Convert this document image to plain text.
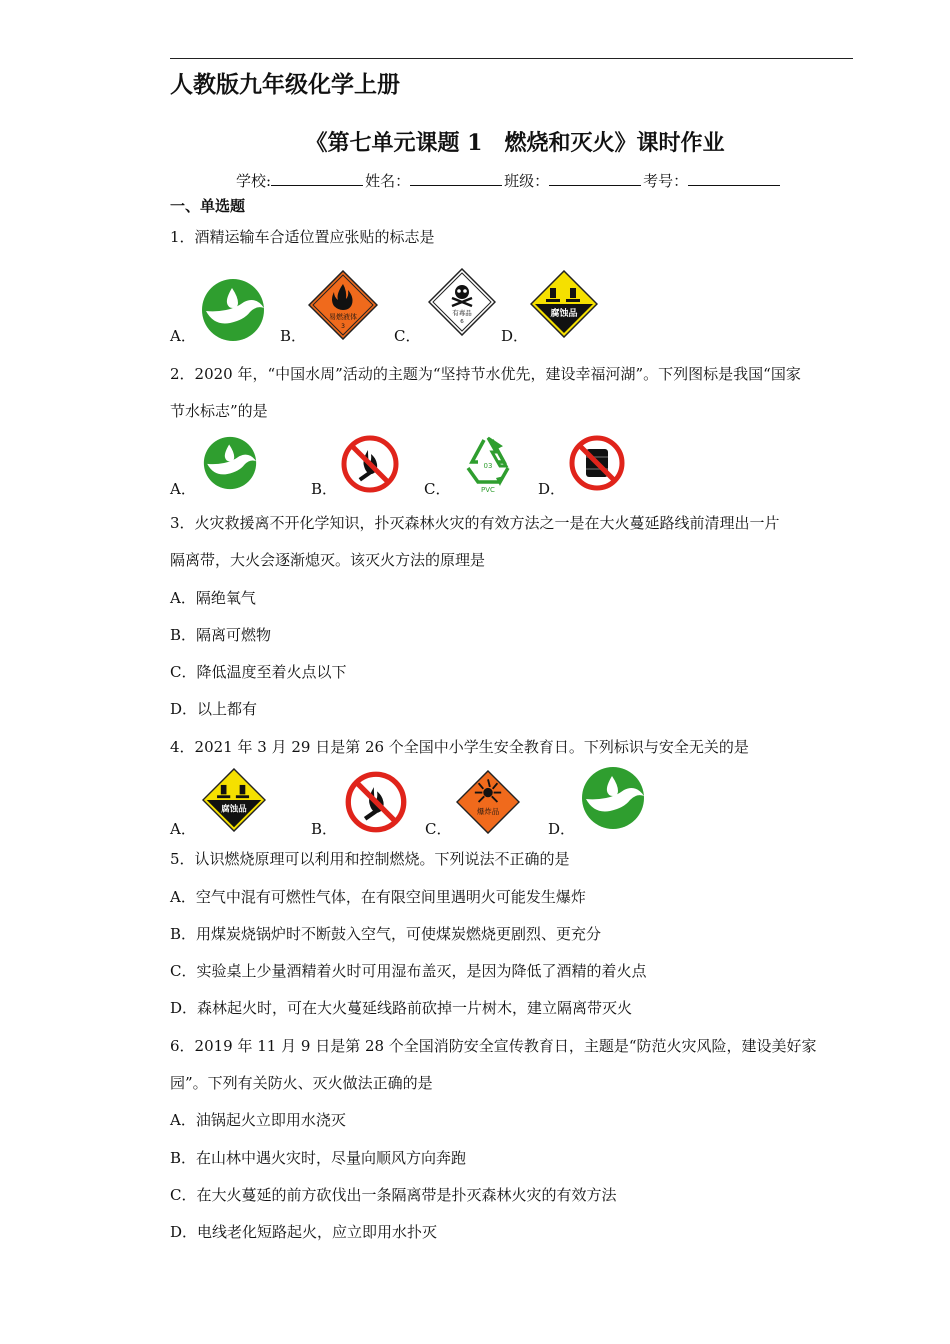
人教版九年级化学上册
《第七单元课题 1　燃烧和灭火》课时作业
学校:	姓名：	班级：	考号：
一、单选题
1．酒精运输车合适位置应张贴的标志是
A．	B．
易燃液体
3
C．
有毒品
6
D．
腐蚀品
2．2020 年，“中国水周”活动的主题为“坚持节水优先，建设幸福河湖”。下列图标是我国“国家
节水标志”的是
A．	B．	C．
03
PVC	D．
3．火灾救援离不开化学知识，扑灭森林火灾的有效方法之一是在大火蔓延路线前清理出一片
隔离带，大火会逐渐熄灭。该灭火方法的原理是
A．隔绝氧气
B．隔离可燃物
C．降低温度至着火点以下
D．以上都有
4．2021 年 3 月 29 日是第 26 个全国中小学生安全教育日。下列标识与安全无关的是
A．
腐蚀品
B．	C．
爆炸品
D．
5．认识燃烧原理可以利用和控制燃烧。下列说法不正确的是
A．空气中混有可燃性气体，在有限空间里遇明火可能发生爆炸
B．用煤炭烧锅炉时不断鼓入空气，可使煤炭燃烧更剧烈、更充分
C．实验桌上少量酒精着火时可用湿布盖灭，是因为降低了酒精的着火点
D．森林起火时，可在大火蔓延线路前砍掉一片树木，建立隔离带灭火
6．2019 年 11 月 9 日是第 28 个全国消防安全宣传教育日，主题是“防范火灾风险，建设美好家
园”。下列有关防火、灭火做法正确的是
A．油锅起火立即用水浇灭
B．在山林中遇火灾时，尽量向顺风方向奔跑
C．在大火蔓延的前方砍伐出一条隔离带是扑灭森林火灾的有效方法
D．电线老化短路起火，应立即用水扑灭
